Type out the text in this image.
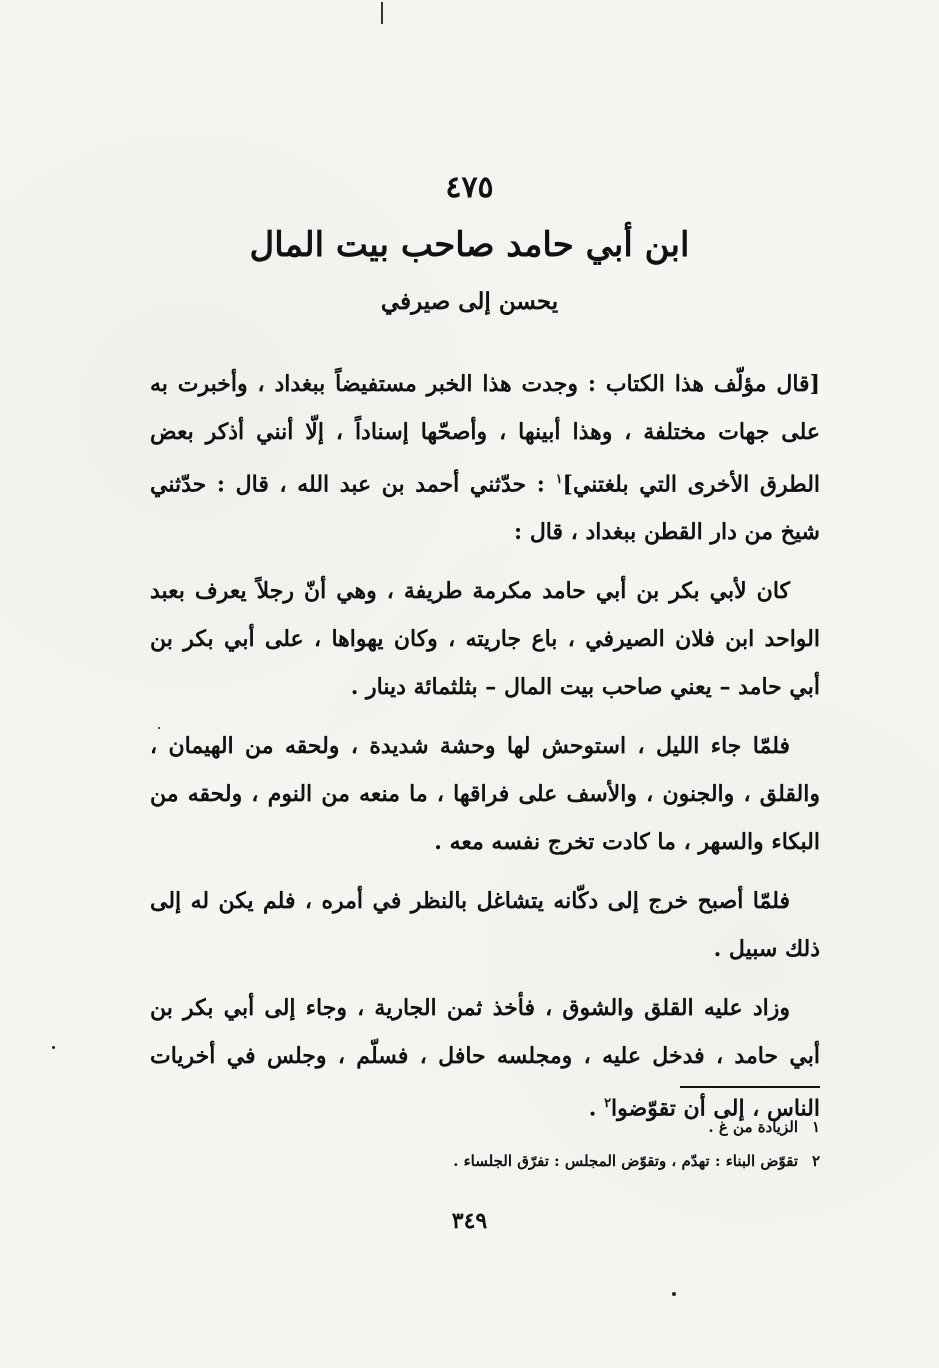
٤٧٥
ابن أبي حامد صاحب بيت المال
يحسن إلى صيرفي

[قال مؤلّف هذا الكتاب : وجدت هذا الخبر مستفيضاً ببغداد ، وأخبرت به على جهات مختلفة ، وهذا أبينها ، وأصحّها إسناداً ، إلّا أنني أذكر بعض الطرق الأخرى التي بلغتني]$^١$ : حدّثني أحمد بن عبد الله ، قال : حدّثني شيخ من دار القطن ببغداد ، قال :

كان لأبي بكر بن أبي حامد مكرمة طريفة ، وهي أنّ رجلاً يعرف بعبد الواحد ابن فلان الصيرفي ، باع جاريته ، وكان يهواها ، على أبي بكر بن أبي حامد – يعني صاحب بيت المال – بثلثمائة دينار .

فلمّا جاء الليل ، استوحش لها وحشة شديدة ، ولحقه من الهيمان ، والقلق ، والجنون ، والأسف على فراقها ، ما منعه من النوم ، ولحقه من البكاء والسهر ، ما كادت تخرج نفسه معه .

فلمّا أصبح خرج إلى دكّانه يتشاغل بالنظر في أمره ، فلم يكن له إلى ذلك سبيل .

وزاد عليه القلق والشوق ، فأخذ ثمن الجارية ، وجاء إلى أبي بكر بن أبي حامد ، فدخل عليه ، ومجلسه حافل ، فسلّم ، وجلس في أخريات الناس ، إلى أن تقوّضوا$^٢$ .

١الزيادة من غ .
٢تقوّض البناء : تهدّم ، وتقوّض المجلس : تفرّق الجلساء .
٣٤٩
